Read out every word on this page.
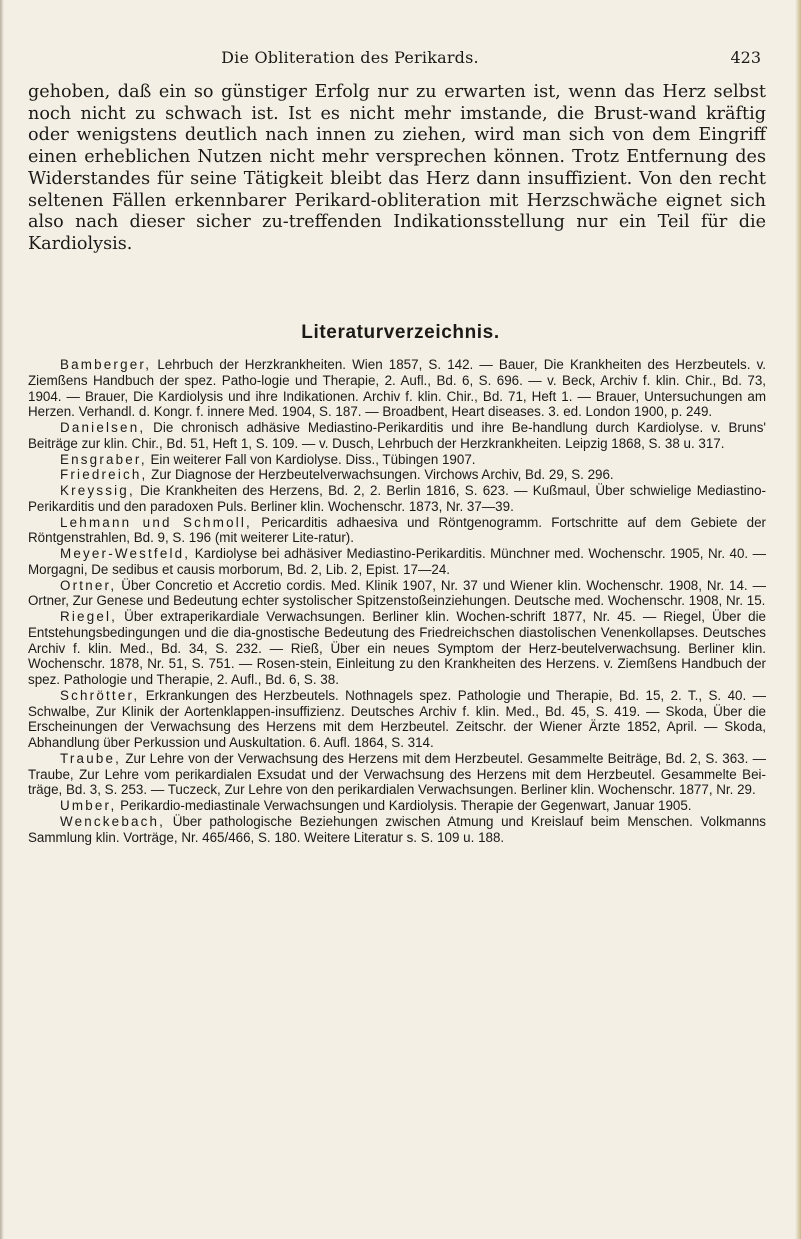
Die Obliteration des Perikards.	423

gehoben, daß ein so günstiger Erfolg nur zu erwarten ist, wenn das Herz selbst noch nicht zu schwach ist. Ist es nicht mehr imstande, die Brust-wand kräftig oder wenigstens deutlich nach innen zu ziehen, wird man sich von dem Eingriff einen erheblichen Nutzen nicht mehr versprechen können. Trotz Entfernung des Widerstandes für seine Tätigkeit bleibt das Herz dann insuffizient. Von den recht seltenen Fällen erkennbarer Perikard-obliteration mit Herzschwäche eignet sich also nach dieser sicher zu-treffenden Indikationsstellung nur ein Teil für die Kardiolysis.

Literaturverzeichnis.

Bamberger, Lehrbuch der Herzkrankheiten. Wien 1857, S. 142. — Bauer, Die Krankheiten des Herzbeutels. v. Ziemßens Handbuch der spez. Patho-logie und Therapie, 2. Aufl., Bd. 6, S. 696. — v. Beck, Archiv f. klin. Chir., Bd. 73, 1904. — Brauer, Die Kardiolysis und ihre Indikationen. Archiv f. klin. Chir., Bd. 71, Heft 1. — Brauer, Untersuchungen am Herzen. Verhandl. d. Kongr. f. innere Med. 1904, S. 187. — Broadbent, Heart diseases. 3. ed. London 1900, p. 249.

Danielsen, Die chronisch adhäsive Mediastino-Perikarditis und ihre Be-handlung durch Kardiolyse. v. Bruns' Beiträge zur klin. Chir., Bd. 51, Heft 1, S. 109. — v. Dusch, Lehrbuch der Herzkrankheiten. Leipzig 1868, S. 38 u. 317.

Ensgraber, Ein weiterer Fall von Kardiolyse. Diss., Tübingen 1907.

Friedreich, Zur Diagnose der Herzbeutelverwachsungen. Virchows Archiv, Bd. 29, S. 296.

Kreyssig, Die Krankheiten des Herzens, Bd. 2, 2. Berlin 1816, S. 623. — Kußmaul, Über schwielige Mediastino-Perikarditis und den paradoxen Puls. Berliner klin. Wochenschr. 1873, Nr. 37—39.

Lehmann und Schmoll, Pericarditis adhaesiva und Röntgenogramm. Fortschritte auf dem Gebiete der Röntgenstrahlen, Bd. 9, S. 196 (mit weiterer Lite-ratur).

Meyer-Westfeld, Kardiolyse bei adhäsiver Mediastino-Perikarditis. Münchner med. Wochenschr. 1905, Nr. 40. — Morgagni, De sedibus et causis morborum, Bd. 2, Lib. 2, Epist. 17—24.

Ortner, Über Concretio et Accretio cordis. Med. Klinik 1907, Nr. 37 und Wiener klin. Wochenschr. 1908, Nr. 14. — Ortner, Zur Genese und Bedeutung echter systolischer Spitzenstoßeinziehungen. Deutsche med. Wochenschr. 1908, Nr. 15.

Riegel, Über extraperikardiale Verwachsungen. Berliner klin. Wochen-schrift 1877, Nr. 45. — Riegel, Über die Entstehungsbedingungen und die dia-gnostische Bedeutung des Friedreichschen diastolischen Venenkollapses. Deutsches Archiv f. klin. Med., Bd. 34, S. 232. — Rieß, Über ein neues Symptom der Herz-beutelverwachsung. Berliner klin. Wochenschr. 1878, Nr. 51, S. 751. — Rosen-stein, Einleitung zu den Krankheiten des Herzens. v. Ziemßens Handbuch der spez. Pathologie und Therapie, 2. Aufl., Bd. 6, S. 38.

Schrötter, Erkrankungen des Herzbeutels. Nothnagels spez. Pathologie und Therapie, Bd. 15, 2. T., S. 40. — Schwalbe, Zur Klinik der Aortenklappen-insuffizienz. Deutsches Archiv f. klin. Med., Bd. 45, S. 419. — Skoda, Über die Erscheinungen der Verwachsung des Herzens mit dem Herzbeutel. Zeitschr. der Wiener Ärzte 1852, April. — Skoda, Abhandlung über Perkussion und Auskultation. 6. Aufl. 1864, S. 314.

Traube, Zur Lehre von der Verwachsung des Herzens mit dem Herzbeutel. Gesammelte Beiträge, Bd. 2, S. 363. — Traube, Zur Lehre vom perikardialen Exsudat und der Verwachsung des Herzens mit dem Herzbeutel. Gesammelte Bei-träge, Bd. 3, S. 253. — Tuczeck, Zur Lehre von den perikardialen Verwachsungen. Berliner klin. Wochenschr. 1877, Nr. 29.

Umber, Perikardio-mediastinale Verwachsungen und Kardiolysis. Therapie der Gegenwart, Januar 1905.

Wenckebach, Über pathologische Beziehungen zwischen Atmung und Kreislauf beim Menschen. Volkmanns Sammlung klin. Vorträge, Nr. 465/466, S. 180. Weitere Literatur s. S. 109 u. 188.
